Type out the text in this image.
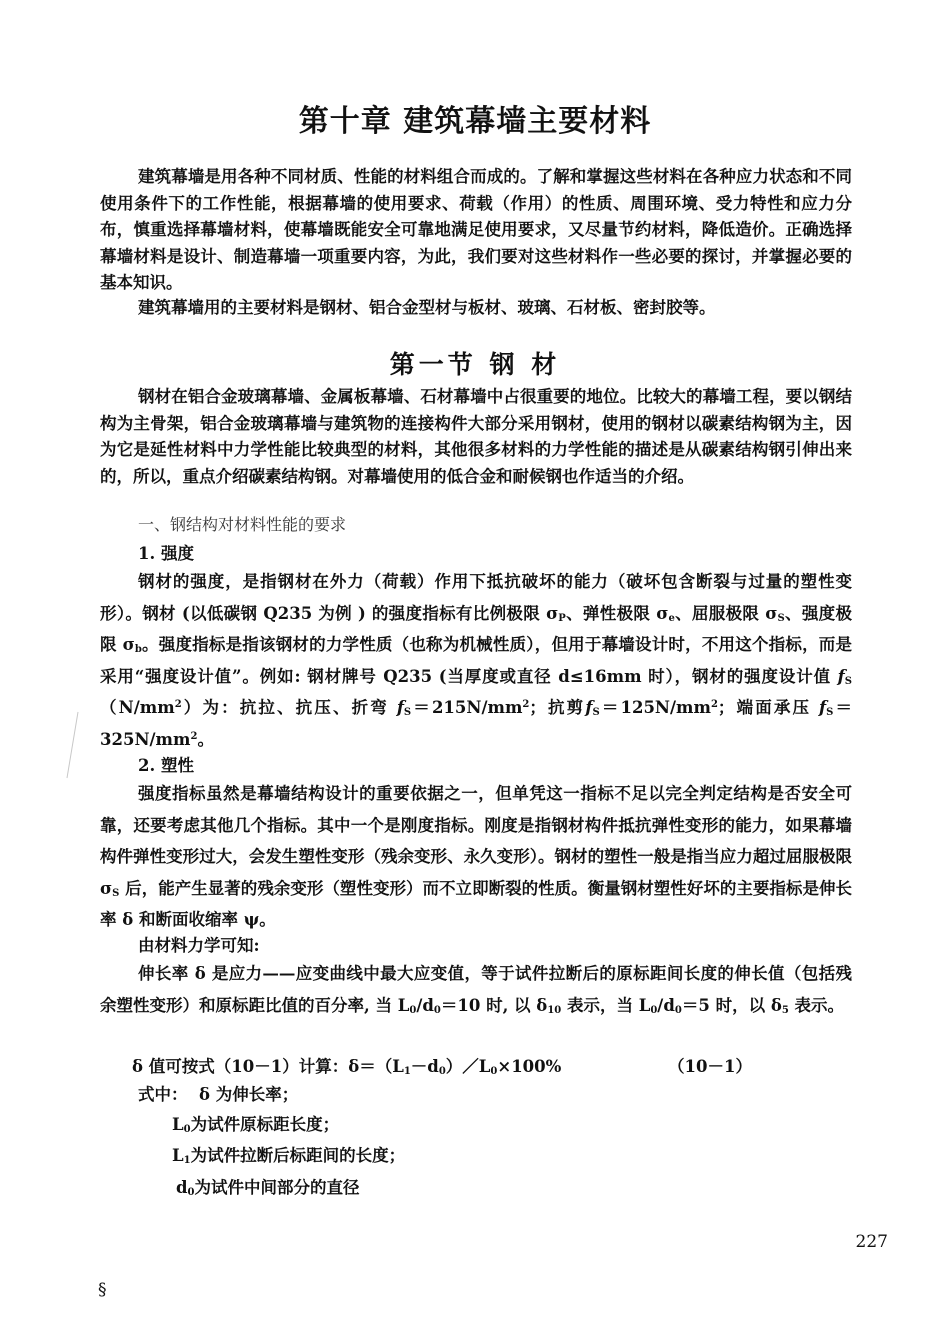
第十章 建筑幕墙主要材料

建筑幕墙是用各种不同材质、性能的材料组合而成的。了解和掌握这些材料在各种应力状态和不同使用条件下的工作性能，根据幕墙的使用要求、荷载（作用）的性质、周围环境、受力特性和应力分布，慎重选择幕墙材料，使幕墙既能安全可靠地满足使用要求，又尽量节约材料，降低造价。正确选择幕墙材料是设计、制造幕墙一项重要内容，为此，我们要对这些材料作一些必要的探讨，并掌握必要的基本知识。

建筑幕墙用的主要材料是钢材、铝合金型材与板材、玻璃、石材板、密封胶等。

第一节 钢 材

钢材在铝合金玻璃幕墙、金属板幕墙、石材幕墙中占很重要的地位。比较大的幕墙工程，要以钢结构为主骨架，铝合金玻璃幕墙与建筑物的连接构件大部分采用钢材，使用的钢材以碳素结构钢为主，因为它是延性材料中力学性能比较典型的材料，其他很多材料的力学性能的描述是从碳素结构钢引伸出来的，所以，重点介绍碳素结构钢。对幕墙使用的低合金和耐候钢也作适当的介绍。

一、钢结构对材料性能的要求
1. 强度

钢材的强度，是指钢材在外力（荷载）作用下抵抗破坏的能力（破坏包含断裂与过量的塑性变形）。钢材 (以低碳钢 Q235 为例 ) 的强度指标有比例极限 $\sigma_P$、弹性极限 $\sigma_e$、屈服极限 $\sigma_S$、强度极限 $\sigma_b$。强度指标是指该钢材的力学性质（也称为机械性质），但用于幕墙设计时，不用这个指标，而是采用“强度设计值”。例如: 钢材牌号 Q235 (当厚度或直径 d≤16mm 时），钢材的强度设计值 $f_S(N/mm^2)$为：抗拉、抗压、折弯 $f_S=215N/mm^2$；抗剪$f_S=125N/mm^2$；端面承压 $f_S=325N/mm^2$。

2. 塑性

强度指标虽然是幕墙结构设计的重要依据之一，但单凭这一指标不足以完全判定结构是否安全可靠，还要考虑其他几个指标。其中一个是刚度指标。刚度是指钢材构件抵抗弹性变形的能力，如果幕墙构件弹性变形过大，会发生塑性变形（残余变形、永久变形）。钢材的塑性一般是指当应力超过屈服极限 $\sigma_S$ 后，能产生显著的残余变形（塑性变形）而不立即断裂的性质。衡量钢材塑性好坏的主要指标是伸长率 δ 和断面收缩率 ψ。

由材料力学可知:

伸长率 δ 是应力——应变曲线中最大应变值，等于试件拉断后的原标距间长度的伸长值（包括残余塑性变形）和原标距比值的百分率, 当 $L_0/d_0=10$ 时, 以 $\delta_{10}$ 表示，当 $L_0/d_0=5$ 时，以 $\delta_5$ 表示。

δ 值可按式（10－1）计算：$\delta=(L_1-d_0)/L_0\times 100\%$	（10－1）
式中：  δ 为伸长率；
$L_0$为试件原标距长度；
$L_1$为试件拉断后标距间的长度；
$d_0$为试件中间部分的直径
227
§
